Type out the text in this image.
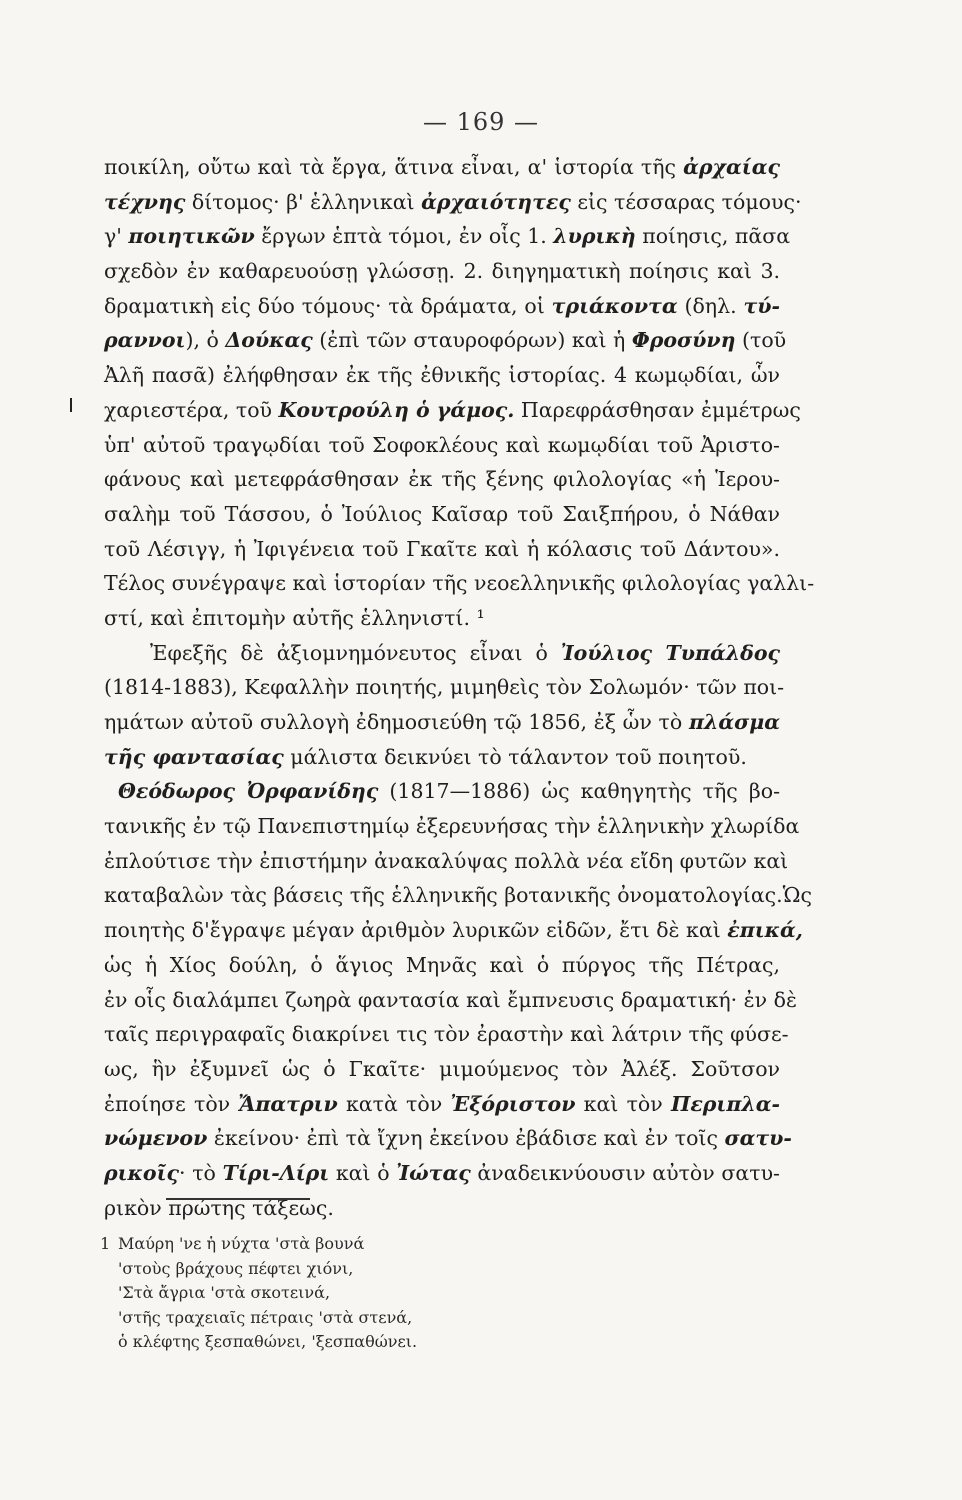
— 169 —
ποικίλη, οὔτω καὶ τὰ ἔργα, ἅτινα εἶναι, α' ἱστορία τῆς ἀρχαίας
τέχνης δίτομος· β' ἑλληνικαὶ ἀρχαιότητες εἰς τέσσαρας τόμους·
γ' ποιητικῶν ἔργων ἑπτὰ τόμοι, ἐν οἷς 1. λυρικὴ ποίησις, πᾶσα
σχεδὸν ἐν καθαρευούσῃ γλώσσῃ. 2. διηγηματικὴ ποίησις καὶ 3.
δραματικὴ εἰς δύο τόμους· τὰ δράματα, οἱ τριάκοντα (δηλ. τύ-
ραννοι), ὁ Δούκας (ἐπὶ τῶν σταυροφόρων) καὶ ἡ Φροσύνη (τοῦ
Ἀλῆ πασᾶ) ἐλήφθησαν ἐκ τῆς ἐθνικῆς ἱστορίας. 4 κωμῳδίαι, ὧν
χαριεστέρα, τοῦ Κουτρούλη ὁ γάμος. Παρεφράσθησαν ἐμμέτρως
ὑπ' αὐτοῦ τραγῳδίαι τοῦ Σοφοκλέους καὶ κωμῳδίαι τοῦ Ἀριστο-
φάνους καὶ μετεφράσθησαν ἐκ τῆς ξένης φιλολογίας «ἡ Ἱερου-
σαλὴμ τοῦ Τάσσου, ὁ Ἰούλιος Καῖσαρ τοῦ Σαιξπήρου, ὁ Νάθαν
τοῦ Λέσιγγ, ἡ Ἰφιγένεια τοῦ Γκαῖτε καὶ ἡ κόλασις τοῦ Δάντου».
Τέλος συνέγραψε καὶ ἱστορίαν τῆς νεοελληνικῆς φιλολογίας γαλλι-
στί, καὶ ἐπιτομὴν αὐτῆς ἑλληνιστί. ¹
Ἐφεξῆς δὲ ἀξιομνημόνευτος εἶναι ὁ Ἰούλιος Τυπάλδος
(1814-1883), Κεφαλλὴν ποιητής, μιμηθεὶς τὸν Σολωμόν· τῶν ποι-
ημάτων αὐτοῦ συλλογὴ ἐδημοσιεύθη τῷ 1856, ἐξ ὧν τὸ πλάσμα
τῆς φαντασίας μάλιστα δεικνύει τὸ τάλαντον τοῦ ποιητοῦ.
Θεόδωρος Ὀρφανίδης (1817—1886) ὡς καθηγητὴς τῆς βο-
τανικῆς ἐν τῷ Πανεπιστημίῳ ἐξερευνήσας τὴν ἑλληνικὴν χλωρίδα
ἐπλούτισε τὴν ἐπιστήμην ἀνακαλύψας πολλὰ νέα εἴδη φυτῶν καὶ
καταβαλὼν τὰς βάσεις τῆς ἑλληνικῆς βοτανικῆς ὀνοματολογίας.Ὡς
ποιητὴς δ'ἔγραψε μέγαν ἀριθμὸν λυρικῶν εἰδῶν, ἔτι δὲ καὶ ἐπικά,
ὡς ἡ Χίος δούλη, ὁ ἅγιος Μηνᾶς καὶ ὁ πύργος τῆς Πέτρας,
ἐν οἷς διαλάμπει ζωηρὰ φαντασία καὶ ἔμπνευσις δραματική· ἐν δὲ
ταῖς περιγραφαῖς διακρίνει τις τὸν ἐραστὴν καὶ λάτριν τῆς φύσε-
ως, ἣν ἐξυμνεῖ ὡς ὁ Γκαῖτε· μιμούμενος τὸν Ἀλέξ. Σοῦτσον
ἐποίησε τὸν Ἄπατριν κατὰ τὸν Ἐξόριστον καὶ τὸν Περιπλα-
νώμενον ἐκείνου· ἐπὶ τὰ ἴχνη ἐκείνου ἐβάδισε καὶ ἐν τοῖς σατυ-
ρικοῖς· τὸ Τίρι-Λίρι καὶ ὁ Ἰώτας ἀναδεικνύουσιν αὐτὸν σατυ-
ρικὸν πρώτης τάξεως.
1 Μαύρη 'νε ἡ νύχτα 'στὰ βουνά
'στοὺς βράχους πέφτει χιόνι,
'Στὰ ἄγρια 'στὰ σκοτεινά,
'στῆς τραχειαῖς πέτραις 'στὰ στενά,
ὁ κλέφτης ξεσπαθώνει, 'ξεσπαθώνει.
